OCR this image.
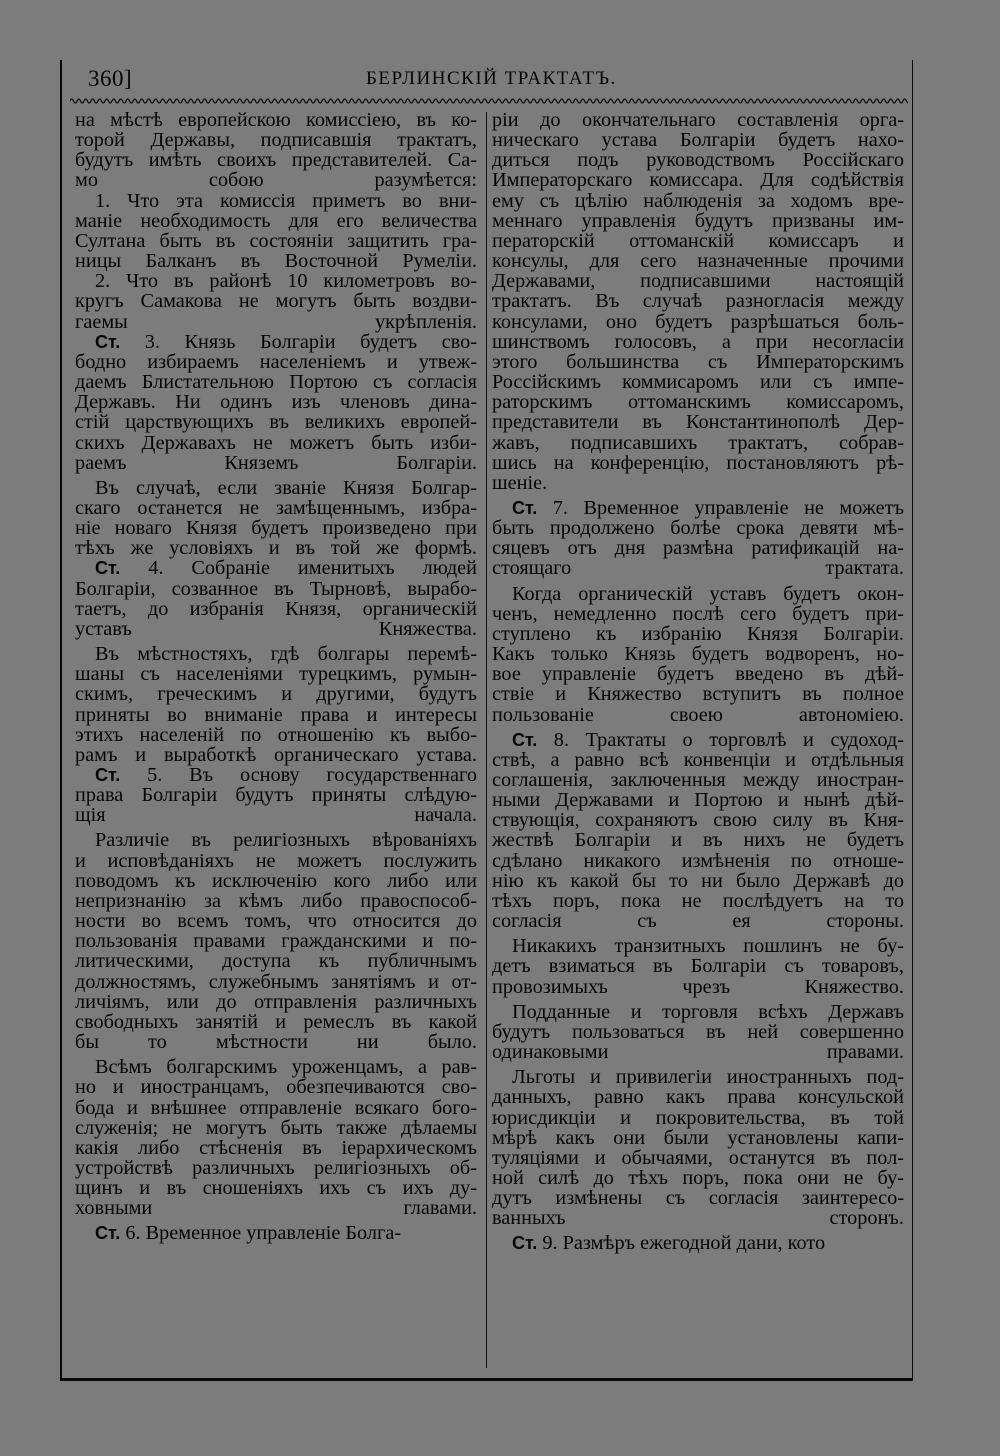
360]	БЕРЛИНСКІЙ ТРАКТАТЪ.

на мѣстѣ европейскою комиссіею, въ ко-
торой Державы, подписавшія трактатъ,
будутъ имѣть своихъ представителей. Са-
мо собою разумѣется:

1. Что эта комиссія приметъ во вни-
маніе необходимость для его величества
Султана быть въ состояніи защитить гра-
ницы Балканъ въ Восточной Румеліи.

2. Что въ районѣ 10 километровъ во-
кругъ Самакова не могутъ быть воздви-
гаемы укрѣпленія.

Ст. 3. Князь Болгаріи будетъ сво-
бодно избираемъ населеніемъ и утвеж-
даемъ Блистательною Портою съ согласія
Державъ. Ни одинъ изъ членовъ дина-
стій царствующихъ въ великихъ европей-
скихъ Державахъ не можетъ быть изби-
раемъ Княземъ Болгаріи.

Въ случаѣ, если званіе Князя Болгар-
скаго останется не замѣщеннымъ, избра-
ніе новаго Князя будетъ произведено при
тѣхъ же условіяхъ и въ той же формѣ.

Ст. 4. Собраніе именитыхъ людей
Болгаріи, созванное въ Тырновѣ, вырабо-
таетъ, до избранія Князя, органическій
уставъ Княжества.

Въ мѣстностяхъ, гдѣ болгары перемѣ-
шаны съ населеніями турецкимъ, румын-
скимъ, греческимъ и другими, будутъ
приняты во вниманіе права и интересы
этихъ населеній по отношенію къ выбо-
рамъ и выработкѣ органическаго устава.

Ст. 5. Въ основу государственнаго
права Болгаріи будутъ приняты слѣдую-
щія начала.

Различіе въ религіозныхъ вѣрованіяхъ
и исповѣданіяхъ не можетъ послужить
поводомъ къ исключенію кого либо или
непризнанію за кѣмъ либо правоспособ-
ности во всемъ томъ, что относится до
пользованія правами гражданскими и по-
литическими, доступа къ публичнымъ
должностямъ, служебнымъ занятіямъ и от-
личіямъ, или до отправленія различныхъ
свободныхъ занятій и ремеслъ въ какой
бы то мѣстности ни было.

Всѣмъ болгарскимъ уроженцамъ, а рав-
но и иностранцамъ, обезпечиваются сво-
бода и внѣшнее отправленіе всякаго бого-
служенія; не могутъ быть также дѣлаемы
какія либо стѣсненія въ іерархическомъ
устройствѣ различныхъ религіозныхъ об-
щинъ и въ сношеніяхъ ихъ съ ихъ ду-
ховными главами.

Ст. 6. Временное управленіе Болга-

ріи до окончательнаго составленія орга-
ническаго устава Болгаріи будетъ нахо-
диться подъ руководствомъ Россійскаго
Императорскаго комиссара. Для содѣйствія
ему съ цѣлію наблюденія за ходомъ вре-
меннаго управленія будутъ призваны им-
ператорскій оттоманскій комиссаръ и
консулы, для сего назначенные прочими
Державами, подписавшими настоящій
трактатъ. Въ случаѣ разногласія между
консулами, оно будетъ разрѣшаться боль-
шинствомъ голосовъ, а при несогласіи
этого большинства съ Императорскимъ
Россійскимъ коммисаромъ или съ импе-
раторскимъ оттоманскимъ комиссаромъ,
представители въ Константинополѣ Дер-
жавъ, подписавшихъ трактатъ, собрав-
шись на конференцію, постановляютъ рѣ-
шеніе.

Ст. 7. Временное управленіе не можетъ
быть продолжено болѣе срока девяти мѣ-
сяцевъ отъ дня размѣна ратификацій на-
стоящаго трактата.

Когда органическій уставъ будетъ окон-
ченъ, немедленно послѣ сего будетъ при-
ступлено къ избранію Князя Болгаріи.
Какъ только Князь будетъ водворенъ, но-
вое управленіе будетъ введено въ дѣй-
ствіе и Княжество вступитъ въ полное
пользованіе своею автономіею.

Ст. 8. Трактаты о торговлѣ и судоход-
ствѣ, а равно всѣ конвенціи и отдѣльныя
соглашенія, заключенныя между иностран-
ными Державами и Портою и нынѣ дѣй-
ствующія, сохраняютъ свою силу въ Кня-
жествѣ Болгаріи и въ нихъ не будетъ
сдѣлано никакого измѣненія по отноше-
нію къ какой бы то ни было Державѣ до
тѣхъ поръ, пока не послѣдуетъ на то
согласія съ ея стороны.

Никакихъ транзитныхъ пошлинъ не бу-
детъ взиматься въ Болгаріи съ товаровъ,
провозимыхъ чрезъ Княжество.

Подданные и торговля всѣхъ Державъ
будутъ пользоваться въ ней совершенно
одинаковыми правами.

Льготы и привилегіи иностранныхъ под-
данныхъ, равно какъ права консульской
юрисдикціи и покровительства, въ той
мѣрѣ какъ они были установлены капи-
туляціями и обычаями, останутся въ пол-
ной силѣ до тѣхъ поръ, пока они не бу-
дутъ измѣнены съ согласія заинтересо-
ванныхъ сторонъ.

Ст. 9. Размѣръ ежегодной дани, кото
